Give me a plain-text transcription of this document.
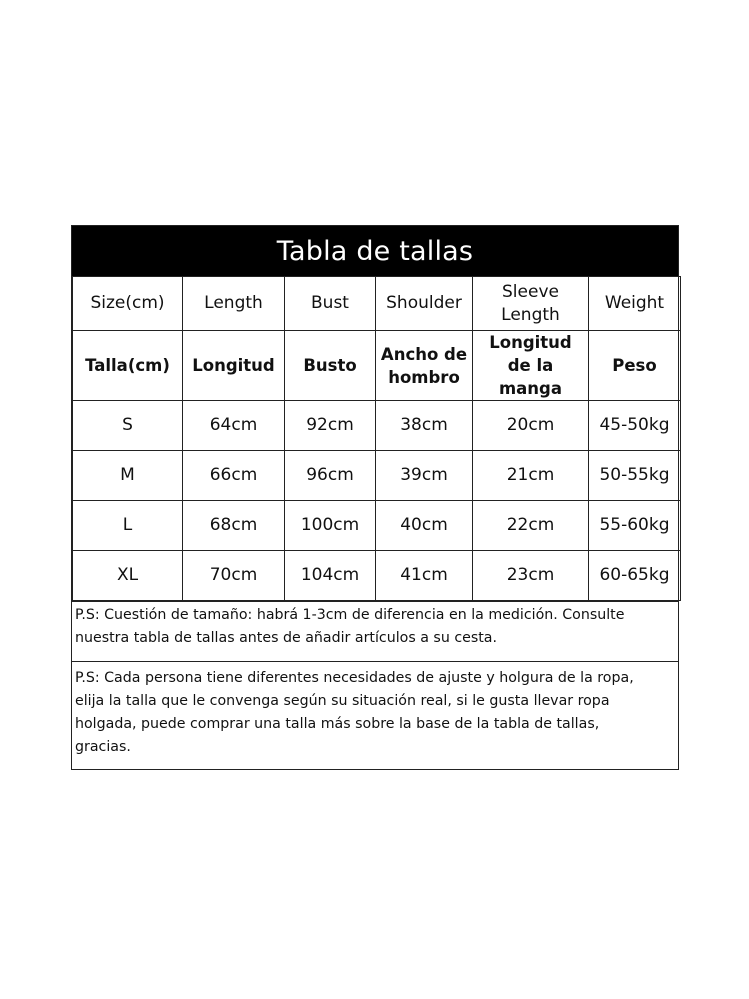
Tabla de tallas
Size(cm)	Length	Bust	Shoulder	Sleeve Length	Weight
Talla(cm)	Longitud	Busto	Ancho de hombro	Longitud de la manga	Peso
S	64cm	92cm	38cm	20cm	45-50kg
M	66cm	96cm	39cm	21cm	50-55kg
L	68cm	100cm	40cm	22cm	55-60kg
XL	70cm	104cm	41cm	23cm	60-65kg
P.S: Cuestión de tamaño: habrá 1-3cm de diferencia en la medición. Consulte
nuestra tabla de tallas antes de añadir artículos a su cesta.
P.S: Cada persona tiene diferentes necesidades de ajuste y holgura de la ropa,
elija la talla que le convenga según su situación real, si le gusta llevar ropa
holgada, puede comprar una talla más sobre la base de la tabla de tallas,
gracias.
